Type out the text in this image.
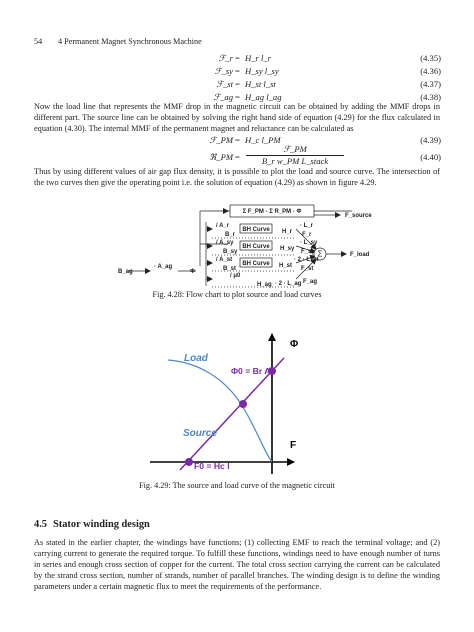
54 4 Permanent Magnet Synchronous Machine
ℱ_r = H_r l_r	(4.35)
ℱ_sy = H_sy l_sy	(4.36)
ℱ_st = H_st l_st	(4.37)
ℱ_ag = H_ag l_ag	(4.38)
Now the load line that represents the MMF drop in the magnetic circuit can be obtained by adding the MMF drops in different part. The source line can be obtained by solving the right hand side of equation (4.29) for the flux calculated in equation (4.30). The internal MMF of the permanent magnet and reluctance can be calculated as
ℱ_PM = H_c l_PM	(4.39)
ℜ_PM =	(4.40)
ℱ_PM
B_r w_PM L_stack
Thus by using different values of air gap flux density, it is possible to plot the load and source curve. The intersection of the two curves then give the operating point i.e. the solution of equation (4.29) as shown in figure 4.29.
Σ F_PM - Σ R_PM · Φ
F_source
B_ag
· A_ag
Φ
/ A_r
BH Curve
B_r	H_r
· L_r
F_r
/ A_sy
BH Curve
B_sy	H_sy
· L_sy
F_sy
/ A_st
BH Curve
B_st	H_st
· 2 · L_st
F_st
/ μ0
H_ag · 2 · L_ag F_ag
Σ	F_load
Fig. 4.28: Flow chart to plot source and load curves
Φ
F
Load
Source
Φ0 = Br A
F0 = Hc l
Fig. 4.29: The source and load curve of the magnetic circuit
4.5 Stator winding design
As stated in the earlier chapter, the windings have functions; (1) collecting EMF to reach the terminal voltage; and (2) carrying current to generate the required torque. To fulfill these functions, windings need to have enough number of turns in series and enough cross section of copper for the current. The total cross section carrying the current can be calculated by the strand cross section, number of strands, number of parallel branches. The winding design is to define the winding parameters under a certain magnetic flux to meet the requirements of the performance.
